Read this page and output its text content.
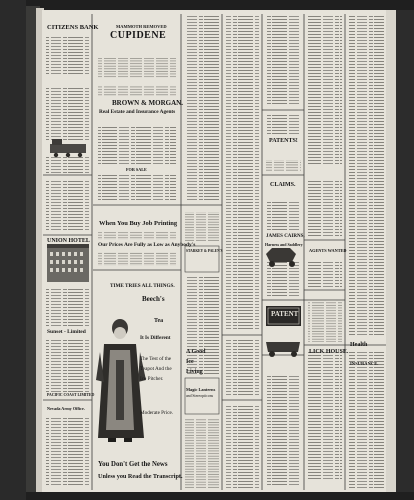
CITIZENS BANK
UNION HOTEL
Sunset - Limited
PACIFIC COAST LIMITED
Nevada Army Office.
MAMMOTH REMOVED
CUPIDENE
BROWN & MORGAN.
Real Estate and Insurance Agents
FOR SALE
When You Buy Job Printing
Our Prices Are Fully as Low as Anybody's
TIME TRIES ALL THINGS.
Beech's
Tea
It Is Different
The Test of the
Teapot And the
Ice Pitcher.
Moderate Price.
You Don't Get the News
Unless you Read the Transcript.
STARKEY & PALEN'S
A Good
Ice
Living
Magic Lanterns
and Stereopticons
PATENTS!
CLAIMS.
JAMES CAIRNS,
Harness and Saddlery
PATENT
AGENTS WANTED
LICK HOUSE.
Health
INSURANCE.
